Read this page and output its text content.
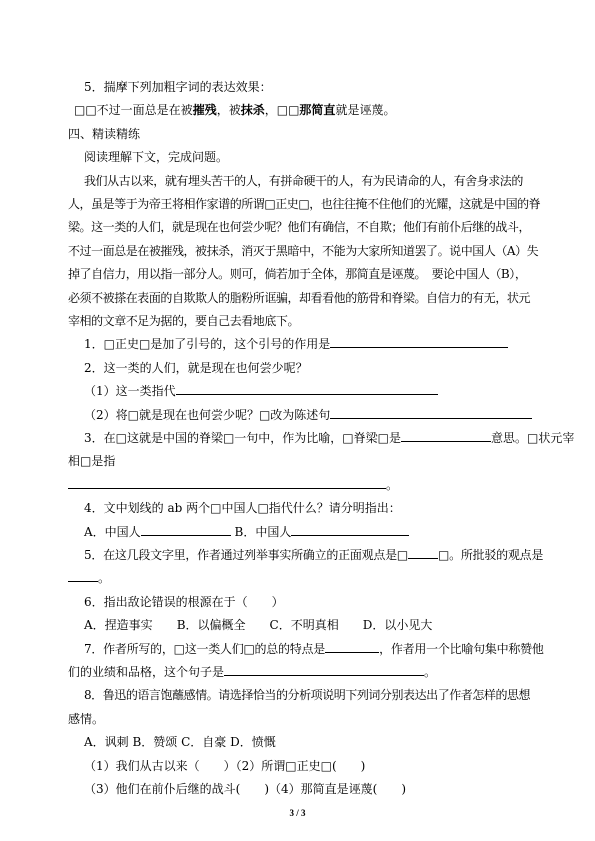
5．揣摩下列加粗字词的表达效果：

□□不过一面总是在被摧残，被抹杀，□□那简直就是诬蔑。

四、精读精练

阅读理解下文，完成问题。

我们从古以来，就有埋头苦干的人，有拼命硬干的人，有为民请命的人，有舍身求法的

人，虽是等于为帝王将相作家谱的所谓□正史□，也往往掩不住他们的光耀，这就是中国的脊

梁。这一类的人们，就是现在也何尝少呢？他们有确信，不自欺；他们有前仆后继的战斗，

不过一面总是在被摧残，被抹杀，消灭于黑暗中，不能为大家所知道罢了。说中国人（A）失

掉了自信力，用以指一部分人。则可，倘若加于全体，那简直是诬蔑。　要论中国人（B），

必须不被搽在表面的自欺欺人的脂粉所诓骗，却看看他的筋骨和脊梁。自信力的有无，状元

宰相的文章不足为据的，要自己去看地底下。

1．□正史□是加了引号的，这个引号的作用是

2．这一类的人们，就是现在也何尝少呢？

（1）这一类指代

（2）将□就是现在也何尝少呢？□改为陈述句

3．在□这就是中国的脊梁□一句中，作为比喻，□脊梁□是	意思。□状元宰

相□是指

。

4．文中划线的 ab 两个□中国人□指代什么？请分明指出：

A．中国人	B．中国人

5．在这几段文字里，作者通过列举事实所确立的正面观点是□	□。所批驳的观点是

。

6．指出敌论错误的根源在于（　　）

A．捏造事实　　 B．以偏概全　　 C．不明真相　　 D．以小见大

7．作者所写的，□这一类人们□的总的特点是	，作者用一个比喻句集中称赞他

们的业绩和品格，这个句子是	。

8．鲁迅的语言饱蘸感情。请选择恰当的分析项说明下列词分别表达出了作者怎样的思想

感情。

A．讽刺 B．赞颂 C．自豪 D．愤慨

（1）我们从古以来（　　）（2）所谓□正史□(　　)

3 / 3

（3）他们在前仆后继的战斗(　　)（4）那简直是诬蔑(　　)
